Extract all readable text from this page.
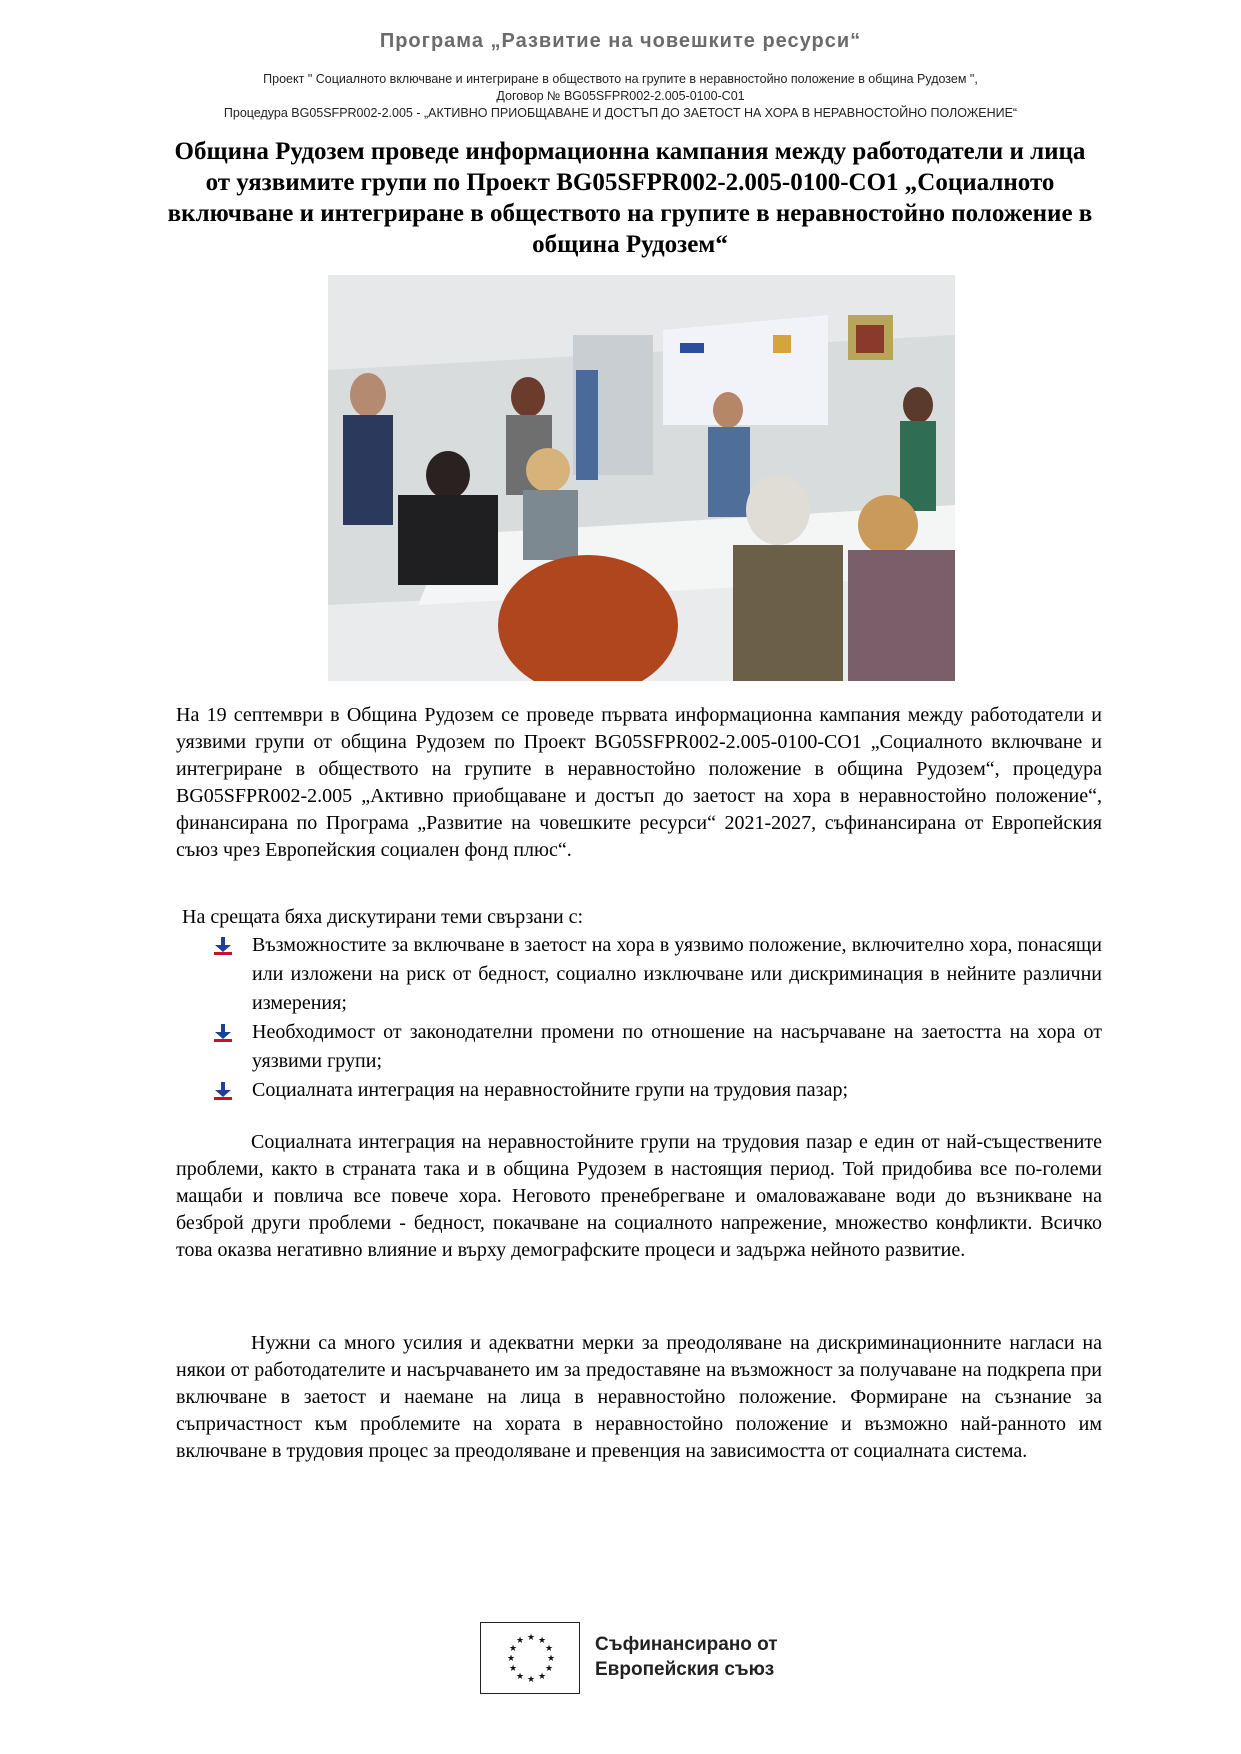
Програма „Развитие на човешките ресурси“
Проект " Социалното включване и интегриране в обществото на групите в неравностойно положение в община Рудозем ",
Договор № BG05SFPR002-2.005-0100-C01
Процедура BG05SFPR002-2.005 - „АКТИВНО ПРИОБЩАВАНЕ И ДОСТЪП ДО ЗАЕТОСТ НА ХОРА В НЕРАВНОСТОЙНО ПОЛОЖЕНИЕ“
Община Рудозем проведе информационна кампания между работодатели и лица от уязвимите групи по Проект BG05SFPR002-2.005-0100-СО1 „Социалното включване и интегриране в обществото на групите в неравностойно положение в община Рудозем“

На 19 септември в Община Рудозем се проведе първата информационна кампания между работодатели и уязвими групи от община Рудозем по Проект BG05SFPR002-2.005-0100-СО1 „Социалното включване и интегриране в обществото на групите в неравностойно положение в община Рудозем“, процедура BG05SFPR002-2.005 „Активно приобщаване и достъп до заетост на хора в неравностойно положение“, финансирана по Програма „Развитие на човешките ресурси“ 2021-2027, съфинансирана от Европейския съюз чрез Европейския социален фонд плюс“.

На срещата бяха дискутирани теми свързани с:

Възможностите за включване в заетост на хора в уязвимо положение, включително хора, понасящи или изложени на риск от бедност, социално изключване или дискриминация в нейните различни измерения;
Необходимост от законодателни промени по отношение на насърчаване на заетостта на хора от уязвими групи;
Социалната интеграция на неравностойните групи на трудовия пазар;

Социалната интеграция на неравностойните групи на трудовия пазар е един от най-съществените проблеми, както в страната така и в община Рудозем в настоящия период. Той придобива все по-големи мащаби и повлича все повече хора. Неговото пренебрегване и омаловажаване води до възникване на безброй други проблеми - бедност, покачване на социалното напрежение, множество конфликти. Всичко това оказва негативно влияние и върху демографските процеси и задържа нейното развитие.

Нужни са много усилия и адекватни мерки за преодоляване на дискриминационните нагласи на някои от работодателите и насърчаването им за предоставяне на възможност за получаване на подкрепа при включване в заетост и наемане на лица в неравностойно положение. Формиране на съзнание за съпричастност към проблемите на хората в неравностойно положение и възможно най-ранното им включване в трудовия процес за преодоляване и превенция на зависимостта от социалната система.

★ ★
★
★
★
★
★
★
★
★
★
★	Съфинансирано от
Европейския съюз
